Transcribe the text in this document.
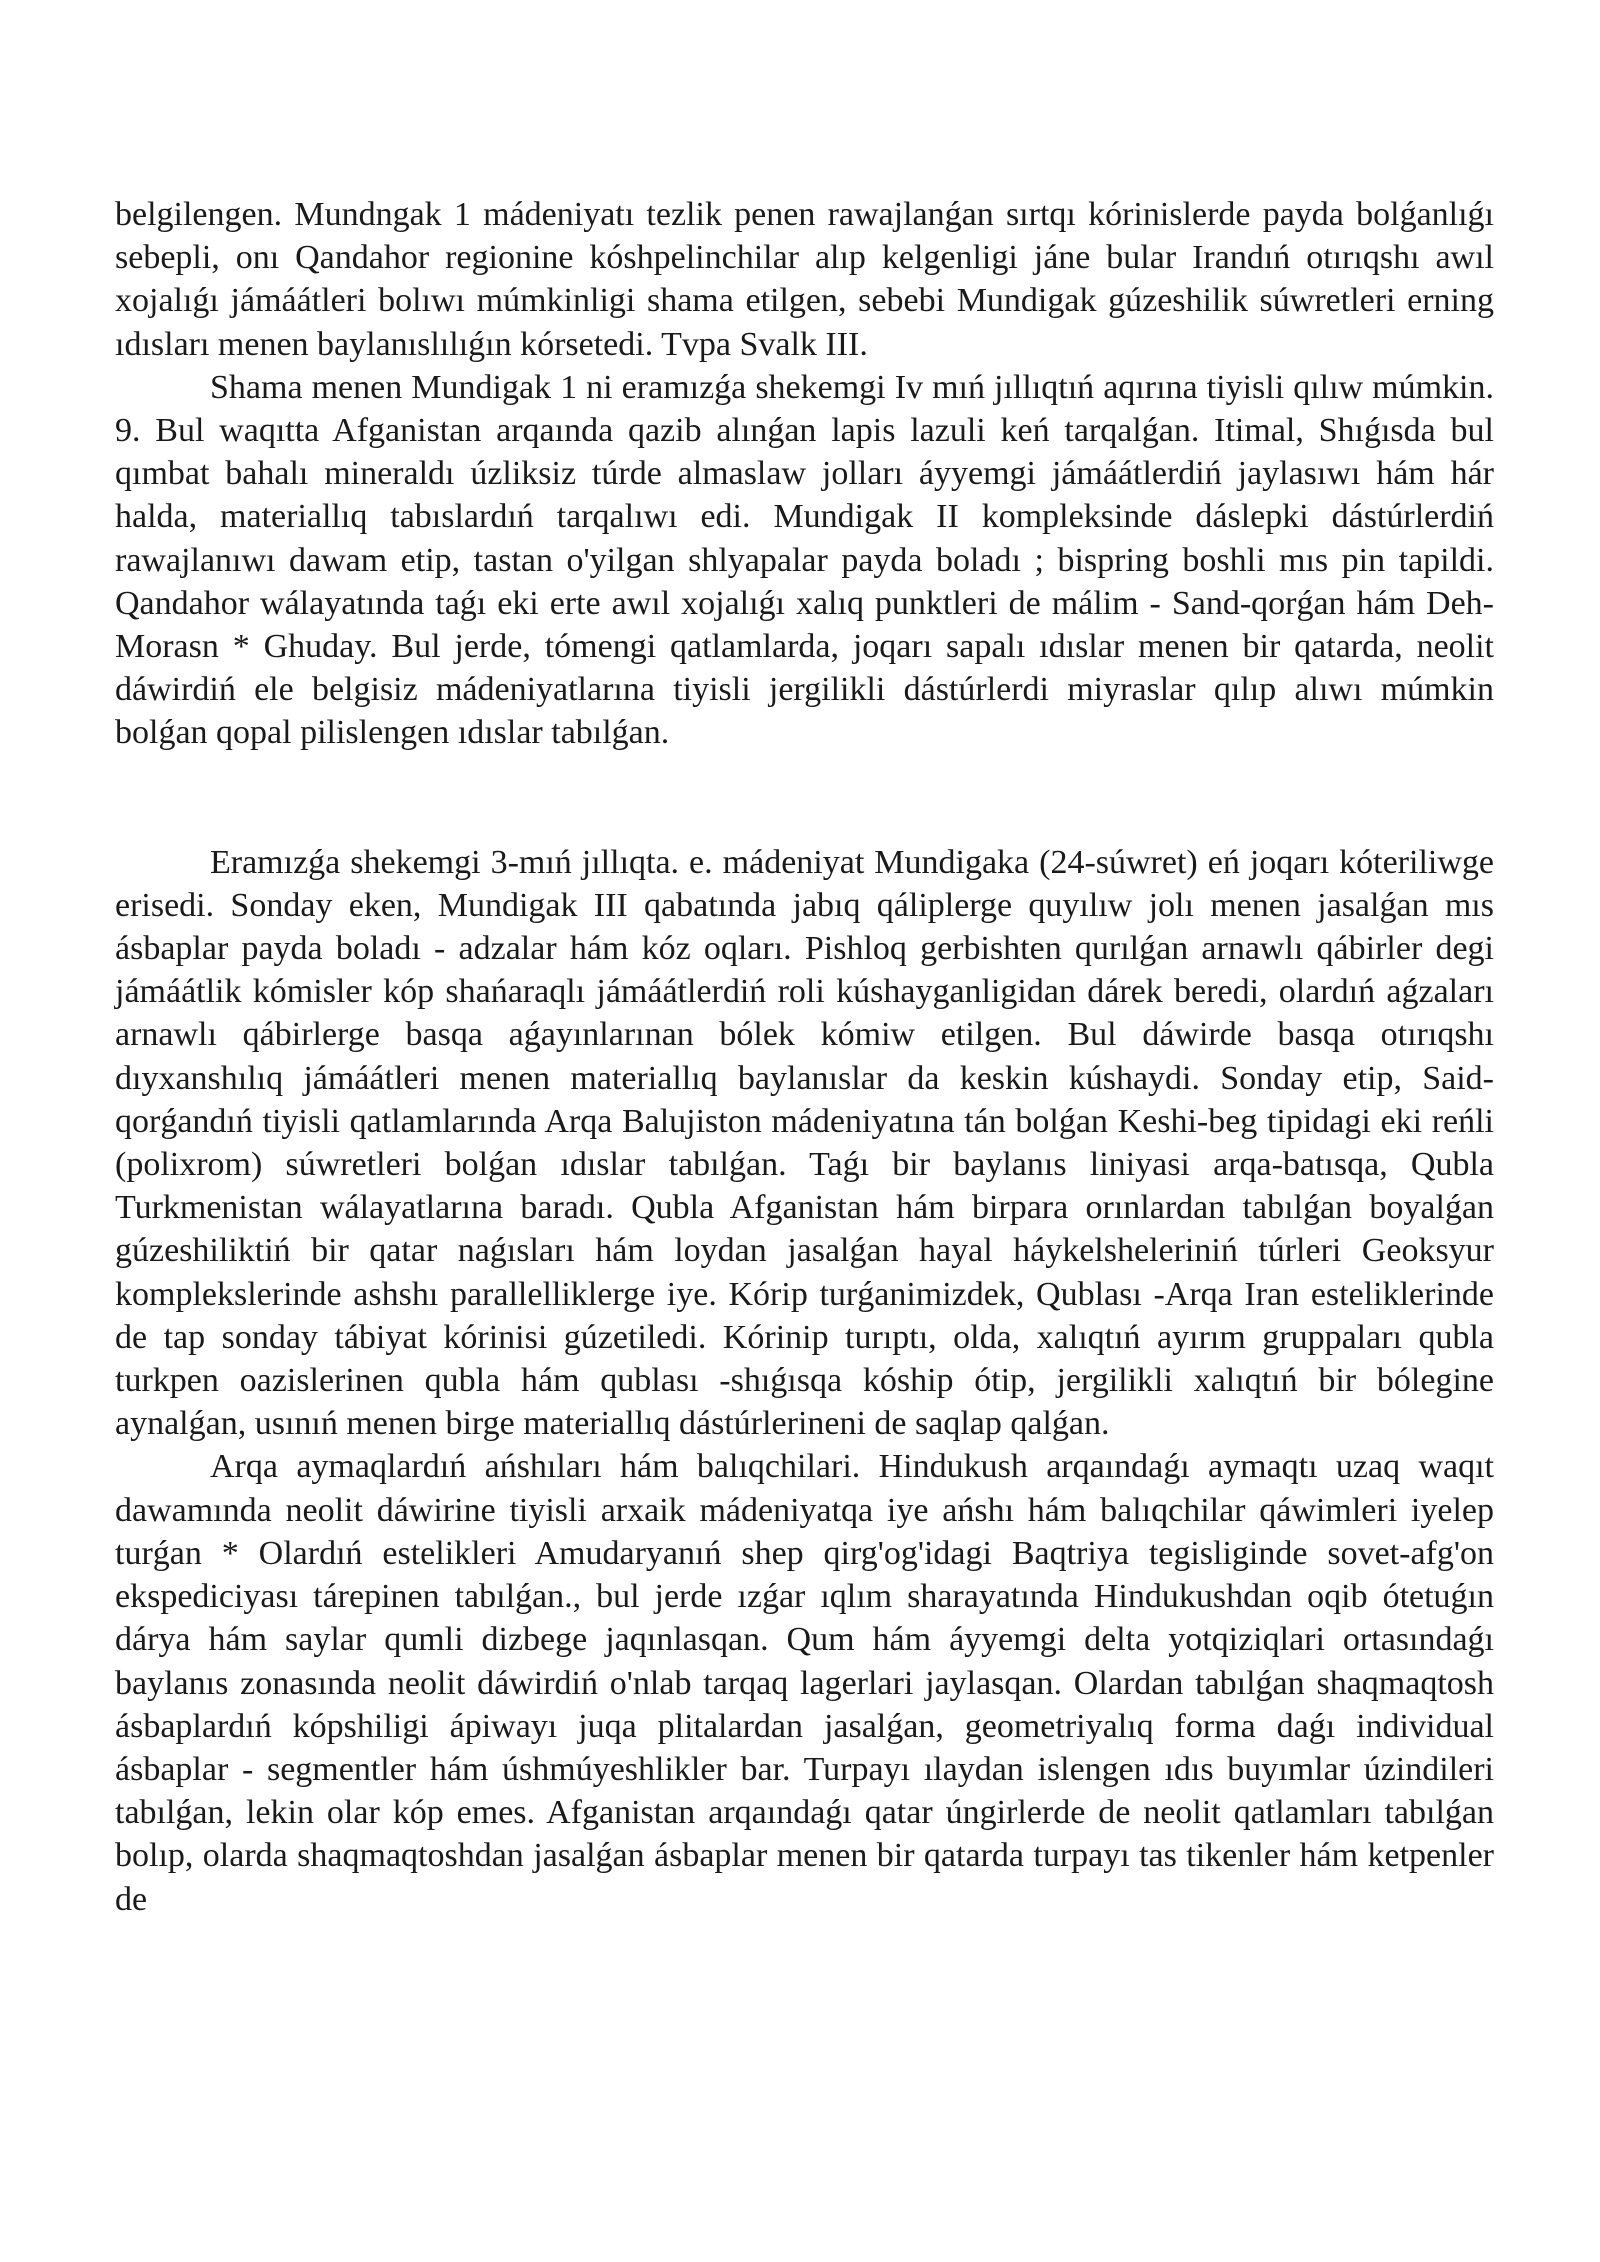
belgilengen. Mundngak 1 mádeniyatı tezlik penen rawajlanǵan sırtqı kórinislerde payda bolǵanlıǵı sebepli, onı Qandahor regionine kóshpelinchilar alıp kelgenligi jáne bular Irandıń otırıqshı awıl xojalıǵı jámáátleri bolıwı múmkinligi shama etilgen, sebebi Mundigak gúzeshilik súwretleri erning ıdısları menen baylanıslılıǵın kórsetedi. Tvpa Svalk III.

Shama menen Mundigak 1 ni eramızǵa shekemgi Iv mıń jıllıqtıń aqırına tiyisli qılıw múmkin. 9. Bul waqıtta Afganistan arqaında qazib alınǵan lapis lazuli keń tarqalǵan. Itimal, Shıǵısda bul qımbat bahalı mineraldı úzliksiz túrde almaslaw jolları áyyemgi jámáátlerdiń jaylasıwı hám hár halda, materiallıq tabıslardıń tarqalıwı edi. Mundigak II kompleksinde dáslepki dástúrlerdiń rawajlanıwı dawam etip, tastan o'yilgan shlyapalar payda boladı ; bispring boshli mıs pin tapildi. Qandahor wálayatında taǵı eki erte awıl xojalıǵı xalıq punktleri de málim - Sand-qorǵan hám Deh-Morasn * Ghuday. Bul jerde, tómengi qatlamlarda, joqarı sapalı ıdıslar menen bir qatarda, neolit dáwirdiń ele belgisiz mádeniyatlarına tiyisli jergilikli dástúrlerdi miyraslar qılıp alıwı múmkin bolǵan qopal pilislengen ıdıslar tabılǵan.

Eramızǵa shekemgi 3-mıń jıllıqta. e. mádeniyat Mundigaka (24-súwret) eń joqarı kóteriliwge erisedi. Sonday eken, Mundigak III qabatında jabıq qáliplerge quyılıw jolı menen jasalǵan mıs ásbaplar payda boladı - adzalar hám kóz oqları. Pishloq gerbishten qurılǵan arnawlı qábirler degi jámáátlik kómisler kóp shańaraqlı jámáátlerdiń roli kúshayganligidan dárek beredi, olardıń aǵzaları arnawlı qábirlerge basqa aǵayınlarınan bólek kómiw etilgen. Bul dáwirde basqa otırıqshı dıyxanshılıq jámáátleri menen materiallıq baylanıslar da keskin kúshaydi. Sonday etip, Said-qorǵandıń tiyisli qatlamlarında Arqa Balujiston mádeniyatına tán bolǵan Keshi-beg tipidagi eki reńli (polixrom) súwretleri bolǵan ıdıslar tabılǵan. Taǵı bir baylanıs liniyasi arqa-batısqa, Qubla Turkmenistan wálayatlarına baradı. Qubla Afganistan hám birpara orınlardan tabılǵan boyalǵan gúzeshiliktiń bir qatar naǵısları hám loydan jasalǵan hayal háykelsheleriniń túrleri Geoksyur komplekslerinde ashshı parallelliklerge iye. Kórip turǵanimizdek, Qublası -Arqa Iran esteliklerinde de tap sonday tábiyat kórinisi gúzetiledi. Kórinip turıptı, olda, xalıqtıń ayırım gruppaları qubla turkpen oazislerinen qubla hám qublası -shıǵısqa kóship ótip, jergilikli xalıqtıń bir bólegine aynalǵan, usınıń menen birge materiallıq dástúrlerineni de saqlap qalǵan.

Arqa aymaqlardıń ańshıları hám balıqchilari. Hindukush arqaındaǵı aymaqtı uzaq waqıt dawamında neolit dáwirine tiyisli arxaik mádeniyatqa iye ańshı hám balıqchilar qáwimleri iyelep turǵan * Olardıń estelikleri Amudaryanıń shep qirg'og'idagi Baqtriya tegisliginde sovet-afg'on ekspediciyası tárepinen tabılǵan., bul jerde ızǵar ıqlım sharayatında Hindukushdan oqib ótetuǵın dárya hám saylar qumli dizbege jaqınlasqan. Qum hám áyyemgi delta yotqiziqlari ortasındaǵı baylanıs zonasında neolit dáwirdiń o'nlab tarqaq lagerlari jaylasqan. Olardan tabılǵan shaqmaqtosh ásbaplardıń kópshiligi ápiwayı juqa plitalardan jasalǵan, geometriyalıq forma daǵı individual ásbaplar - segmentler hám úshmúyeshlikler bar. Turpayı ılaydan islengen ıdıs buyımlar úzindileri tabılǵan, lekin olar kóp emes. Afganistan arqaındaǵı qatar úngirlerde de neolit qatlamları tabılǵan bolıp, olarda shaqmaqtoshdan jasalǵan ásbaplar menen bir qatarda turpayı tas tikenler hám ketpenler de
